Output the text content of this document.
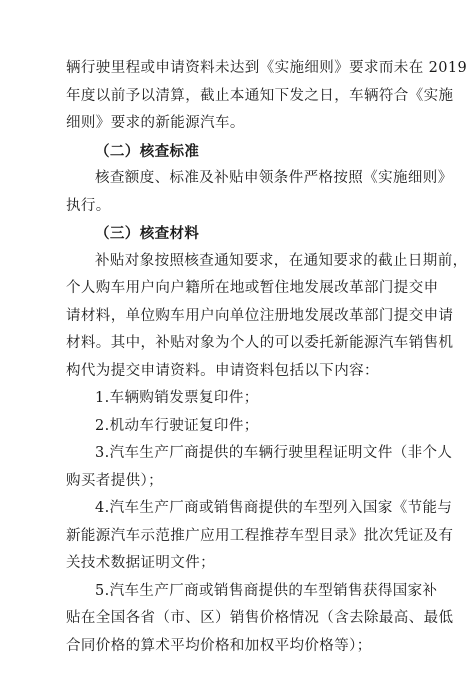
辆行驶里程或申请资料未达到《实施细则》要求而未在 2019
年度以前予以清算，截止本通知下发之日，车辆符合《实施
细则》要求的新能源汽车。
（二）核查标准
核查额度、标准及补贴申领条件严格按照《实施细则》
执行。
（三）核查材料
补贴对象按照核查通知要求，在通知要求的截止日期前，
个人购车用户向户籍所在地或暂住地发展改革部门提交申
请材料，单位购车用户向单位注册地发展改革部门提交申请
材料。其中，补贴对象为个人的可以委托新能源汽车销售机
构代为提交申请资料。申请资料包括以下内容：
1.车辆购销发票复印件；
2.机动车行驶证复印件；
3.汽车生产厂商提供的车辆行驶里程证明文件（非个人
购买者提供）；
4.汽车生产厂商或销售商提供的车型列入国家《节能与
新能源汽车示范推广应用工程推荐车型目录》批次凭证及有
关技术数据证明文件；
5.汽车生产厂商或销售商提供的车型销售获得国家补
贴在全国各省（市、区）销售价格情况（含去除最高、最低
合同价格的算术平均价格和加权平均价格等）；
